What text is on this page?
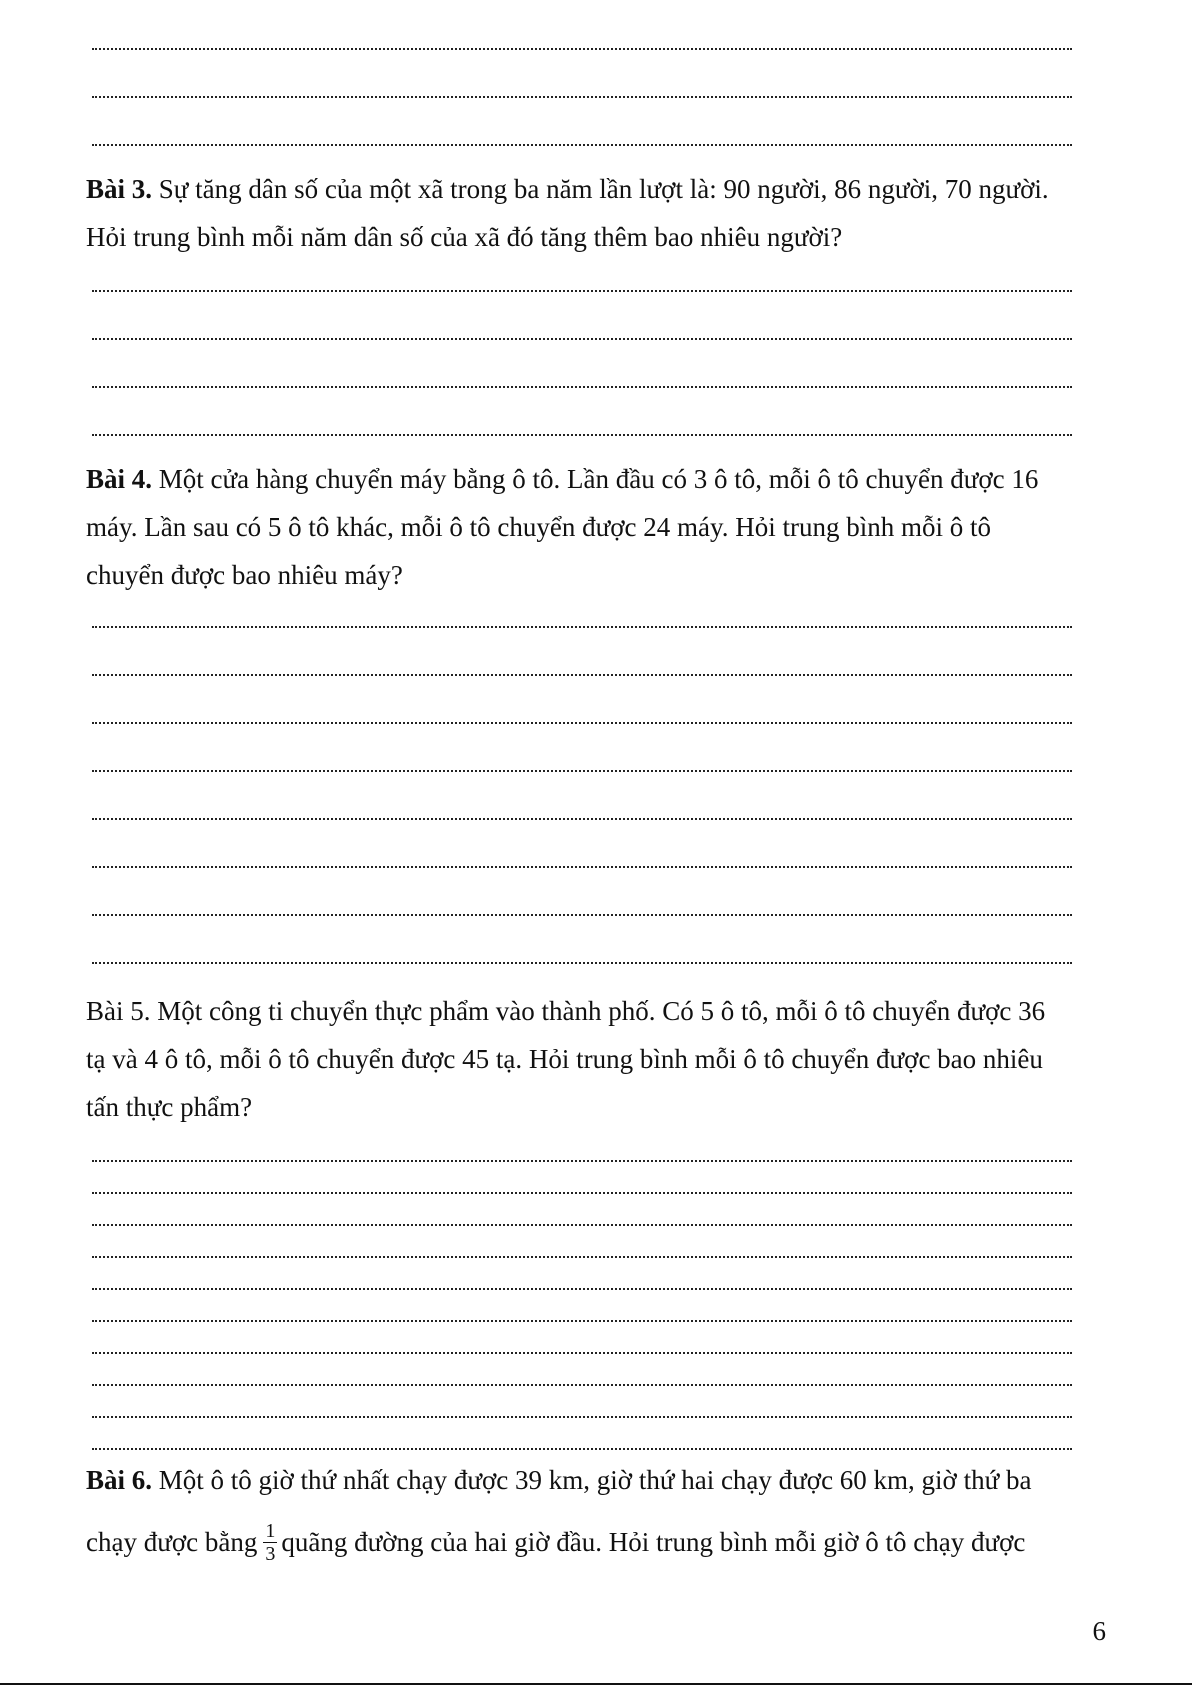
Bài 3. Sự tăng dân số của một xã trong ba năm lần lượt là: 90 người, 86 người, 70 người.
Hỏi trung bình mỗi năm dân số của xã đó tăng thêm bao nhiêu người?
Bài 4. Một cửa hàng chuyển máy bằng ô tô. Lần đầu có 3 ô tô, mỗi ô tô chuyển được 16
máy. Lần sau có 5 ô tô khác, mỗi ô tô chuyển được 24 máy. Hỏi trung bình mỗi ô tô
chuyển được bao nhiêu máy?
Bài 5. Một công ti chuyển thực phẩm vào thành phố. Có 5 ô tô, mỗi ô tô chuyển được 36
tạ và 4 ô tô, mỗi ô tô chuyển được 45 tạ. Hỏi trung bình mỗi ô tô chuyển được bao nhiêu
tấn thực phẩm?
Bài 6. Một ô tô giờ thứ nhất chạy được 39 km, giờ thứ hai chạy được 60 km, giờ thứ ba
chạy được bằng $\frac{1}{3}$ quãng đường của hai giờ đầu. Hỏi trung bình mỗi giờ ô tô chạy được
6
